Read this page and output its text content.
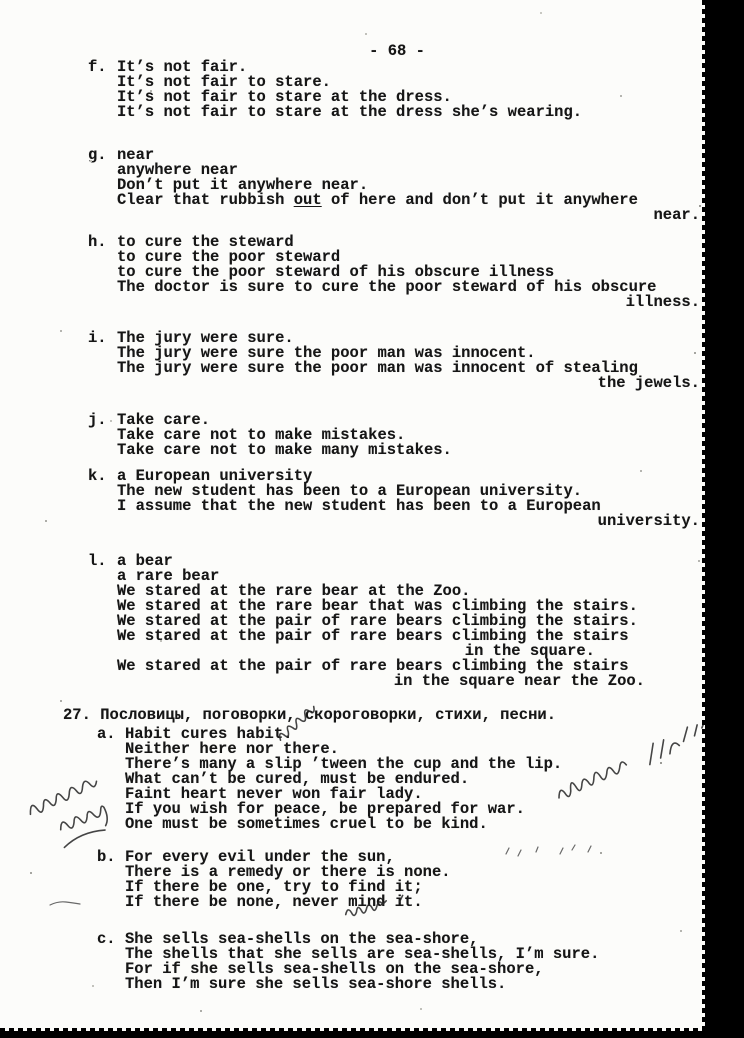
- 68 -
f. It’s not fair.
It’s not fair to stare.
It’s not fair to stare at the dress.
It’s not fair to stare at the dress she’s wearing.
g. near
anywhere near
Don’t put it anywhere near.
Clear that rubbish out of here and don’t put it anywhere
near.
h. to cure the steward
to cure the poor steward
to cure the poor steward of his obscure illness
The doctor is sure to cure the poor steward of his obscure
illness.
i. The jury were sure.
The jury were sure the poor man was innocent.
The jury were sure the poor man was innocent of stealing
the jewels.
j. Take care.
Take care not to make mistakes.
Take care not to make many mistakes.
k. a European university
The new student has been to a European university.
I assume that the new student has been to a European
university.
l. a bear
a rare bear
We stared at the rare bear at the Zoo.
We stared at the rare bear that was climbing the stairs.
We stared at the pair of rare bears climbing the stairs.
We stared at the pair of rare bears climbing the stairs
in the square.
We stared at the pair of rare bears climbing the stairs
in the square near the Zoo.
27. Пословицы, поговорки, скороговорки, стихи, песни.
a. Habit cures habit.
Neither here nor there.
There’s many a slip ’tween the cup and the lip.
What can’t be cured, must be endured.
Faint heart never won fair lady.
If you wish for peace, be prepared for war.
One must be sometimes cruel to be kind.
b. For every evil under the sun,
There is a remedy or there is none.
If there be one, try to find it;
If there be none, never mind it.
c. She sells sea-shells on the sea-shore,
The shells that she sells are sea-shells, I’m sure.
For if she sells sea-shells on the sea-shore,
Then I’m sure she sells sea-shore shells.
